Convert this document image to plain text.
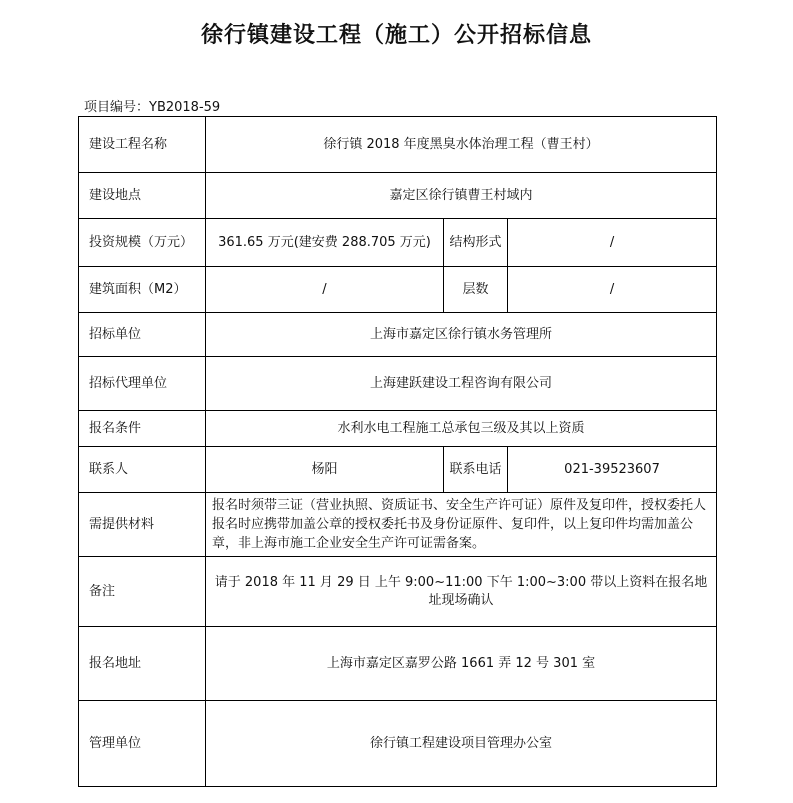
徐行镇建设工程（施工）公开招标信息
项目编号：YB2018-59
建设工程名称	徐行镇 2018 年度黑臭水体治理工程（曹王村）		
建设地点	嘉定区徐行镇曹王村域内		
投资规模（万元）	361.65 万元(建安费 288.705 万元)	结构形式	/
建筑面积（M2）	/	层数	/
招标单位	上海市嘉定区徐行镇水务管理所		
招标代理单位	上海建跃建设工程咨询有限公司		
报名条件	水利水电工程施工总承包三级及其以上资质		
联系人	杨阳	联系电话	021-39523607
需提供材料	报名时须带三证（营业执照、资质证书、安全生产许可证）原件及复印件，授权委托人报名时应携带加盖公章的授权委托书及身份证原件、复印件，以上复印件均需加盖公章，非上海市施工企业安全生产许可证需备案。		
备注	请于 2018 年 11 月 29 日 上午 9:00~11:00 下午 1:00~3:00 带以上资料在报名地址现场确认		
报名地址	上海市嘉定区嘉罗公路 1661 弄 12 号 301 室		
管理单位	徐行镇工程建设项目管理办公室		
